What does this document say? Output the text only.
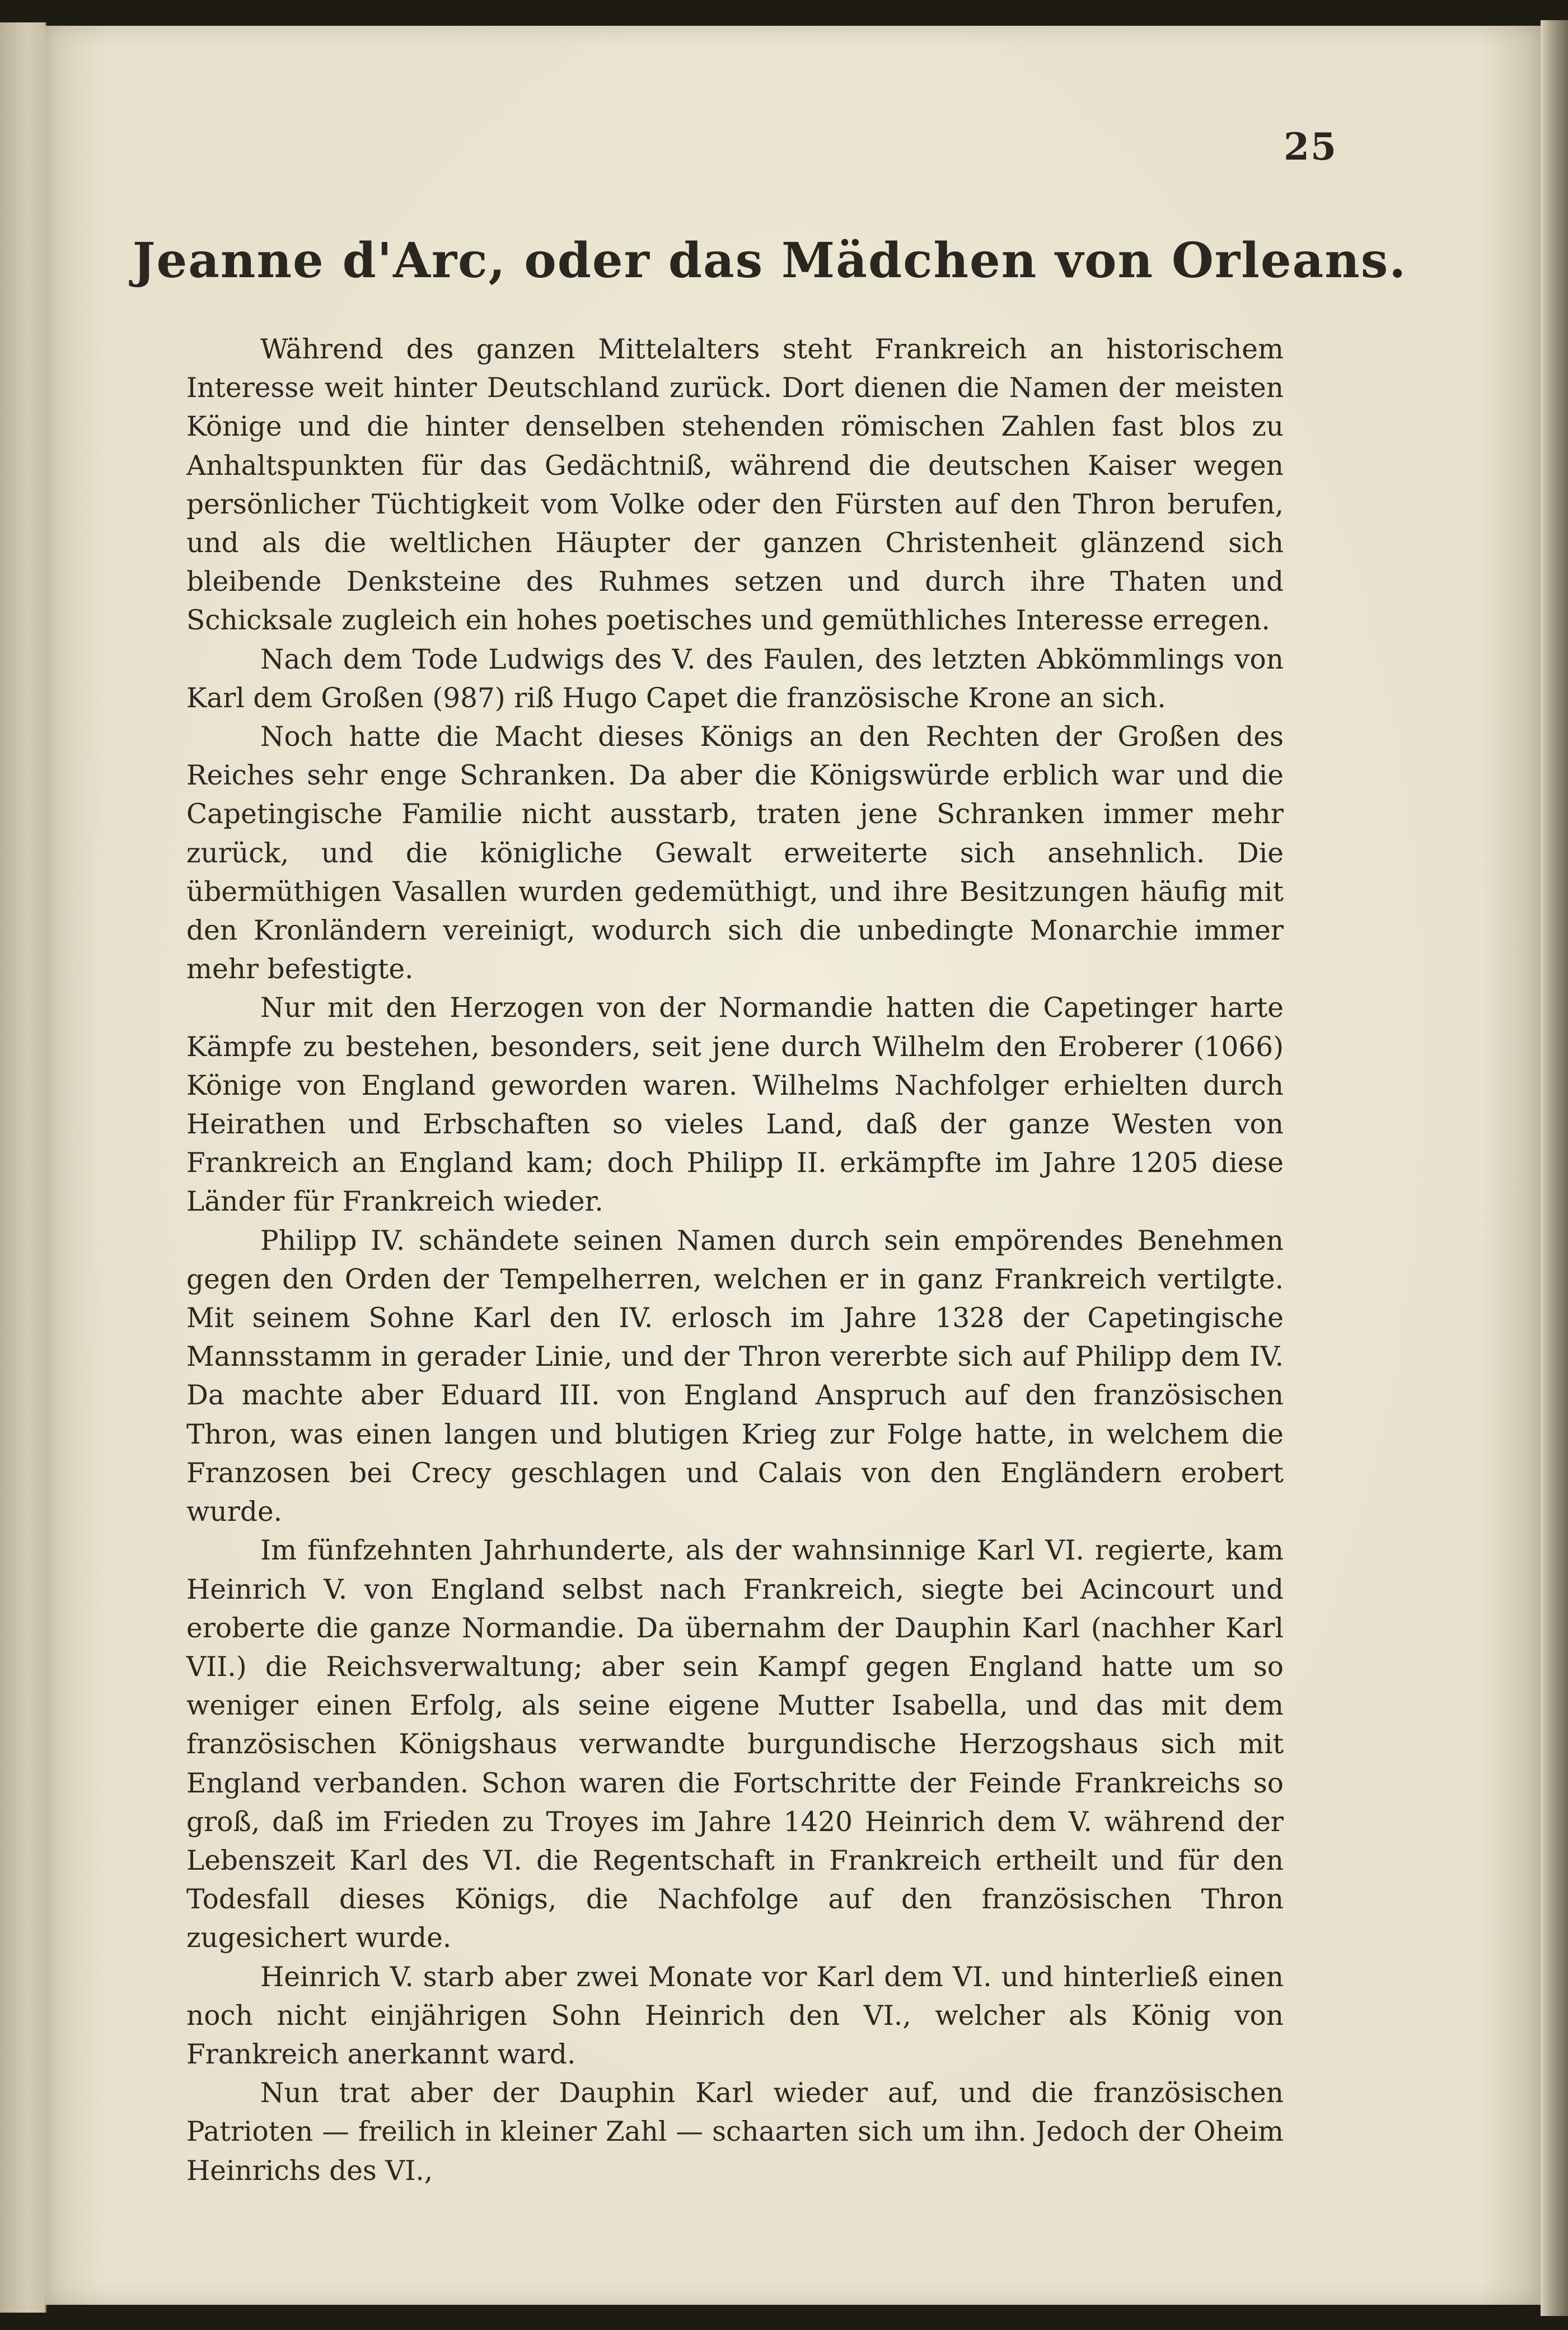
25
Jeanne d'Arc, oder das Mädchen von Orleans.

Während des ganzen Mittelalters steht Frankreich an historischem Interesse weit hinter Deutschland zurück. Dort dienen die Namen der meisten Könige und die hinter denselben stehenden römischen Zahlen fast blos zu Anhaltspunkten für das Gedächtniß, während die deutschen Kaiser wegen persönlicher Tüchtigkeit vom Volke oder den Fürsten auf den Thron berufen, und als die weltlichen Häupter der ganzen Christenheit glänzend sich bleibende Denksteine des Ruhmes setzen und durch ihre Thaten und Schicksale zugleich ein hohes poetisches und gemüthliches Interesse erregen.

Nach dem Tode Ludwigs des V. des Faulen, des letzten Abkömmlings von Karl dem Großen (987) riß Hugo Capet die französische Krone an sich.

Noch hatte die Macht dieses Königs an den Rechten der Großen des Reiches sehr enge Schranken. Da aber die Königswürde erblich war und die Capetingische Familie nicht ausstarb, traten jene Schranken immer mehr zurück, und die königliche Gewalt erweiterte sich ansehnlich. Die übermüthigen Vasallen wurden gedemüthigt, und ihre Besitzungen häufig mit den Kronländern vereinigt, wodurch sich die unbedingte Monarchie immer mehr befestigte.

Nur mit den Herzogen von der Normandie hatten die Capetinger harte Kämpfe zu bestehen, besonders, seit jene durch Wilhelm den Eroberer (1066) Könige von England geworden waren. Wilhelms Nachfolger erhielten durch Heirathen und Erbschaften so vieles Land, daß der ganze Westen von Frankreich an England kam; doch Philipp II. erkämpfte im Jahre 1205 diese Länder für Frankreich wieder.

Philipp IV. schändete seinen Namen durch sein empörendes Benehmen gegen den Orden der Tempelherren, welchen er in ganz Frankreich vertilgte. Mit seinem Sohne Karl den IV. erlosch im Jahre 1328 der Capetingische Mannsstamm in gerader Linie, und der Thron vererbte sich auf Philipp dem IV. Da machte aber Eduard III. von England Anspruch auf den französischen Thron, was einen langen und blutigen Krieg zur Folge hatte, in welchem die Franzosen bei Crecy geschlagen und Calais von den Engländern erobert wurde.

Im fünfzehnten Jahrhunderte, als der wahnsinnige Karl VI. regierte, kam Heinrich V. von England selbst nach Frankreich, siegte bei Acincourt und eroberte die ganze Normandie. Da übernahm der Dauphin Karl (nachher Karl VII.) die Reichsverwaltung; aber sein Kampf gegen England hatte um so weniger einen Erfolg, als seine eigene Mutter Isabella, und das mit dem französischen Königshaus verwandte burgundische Herzogshaus sich mit England verbanden. Schon waren die Fortschritte der Feinde Frankreichs so groß, daß im Frieden zu Troyes im Jahre 1420 Heinrich dem V. während der Lebenszeit Karl des VI. die Regentschaft in Frankreich ertheilt und für den Todesfall dieses Königs, die Nachfolge auf den französischen Thron zugesichert wurde.

Heinrich V. starb aber zwei Monate vor Karl dem VI. und hinterließ einen noch nicht einjährigen Sohn Heinrich den VI., welcher als König von Frankreich anerkannt ward.

Nun trat aber der Dauphin Karl wieder auf, und die französischen Patrioten — freilich in kleiner Zahl — schaarten sich um ihn. Jedoch der Oheim Heinrichs des VI.,
